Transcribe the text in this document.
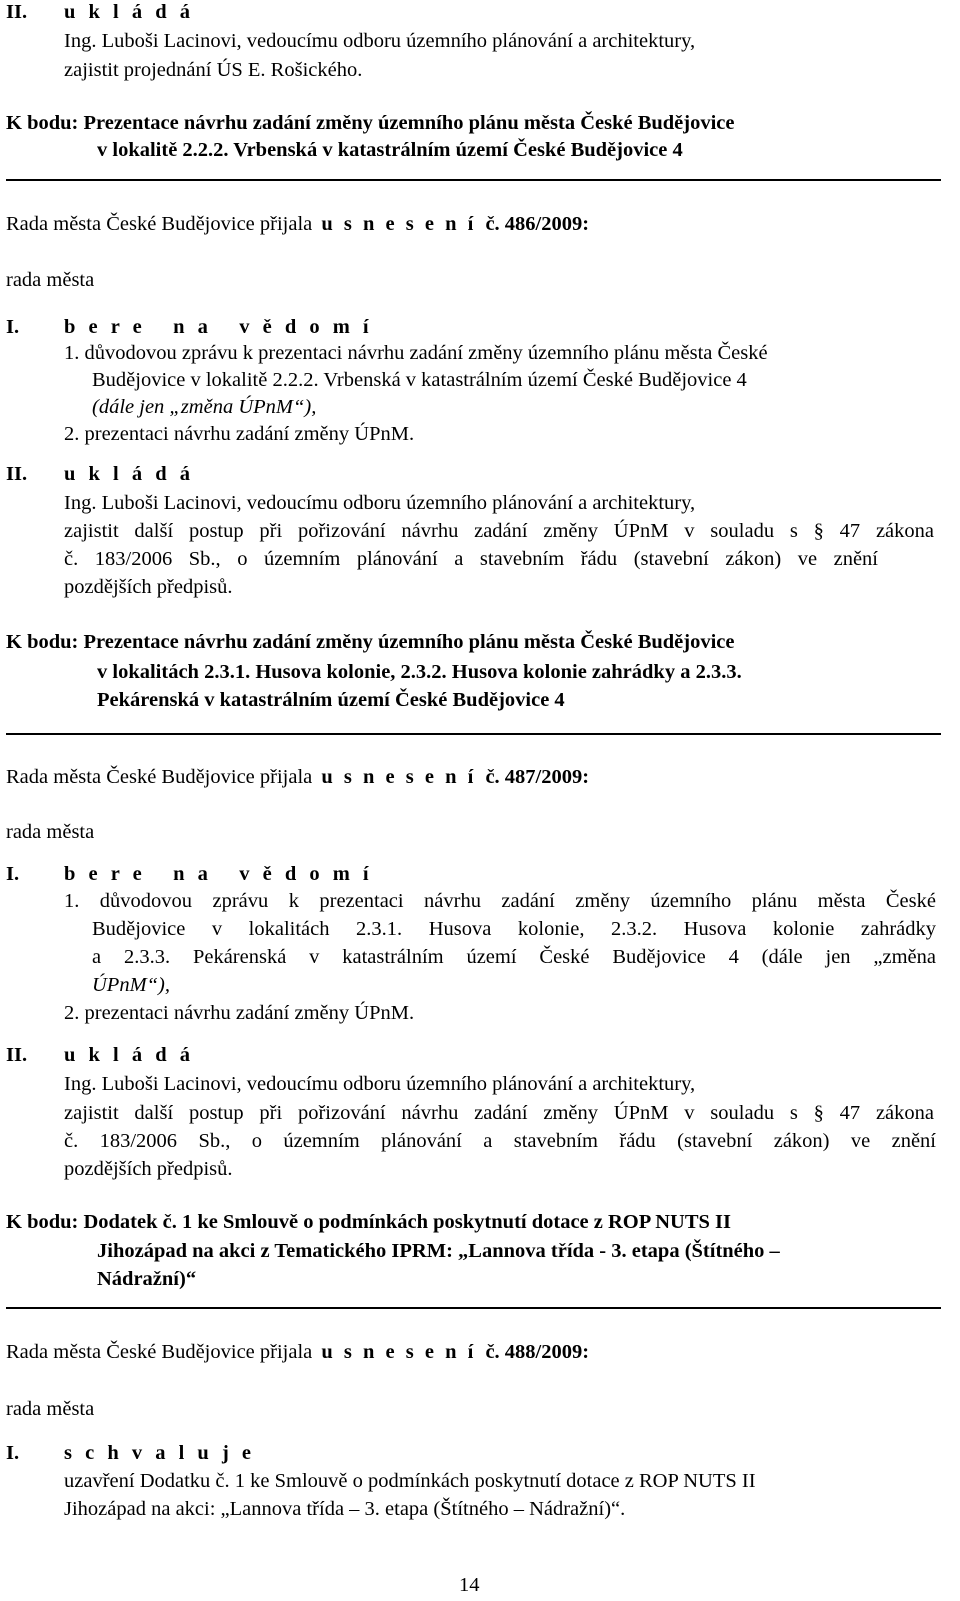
II. u k l á d á
Ing. Luboši Lacinovi, vedoucímu odboru územního plánování a architektury,
zajistit projednání ÚS E. Rošického.
K bodu: Prezentace návrhu zadání změny územního plánu města České Budějovice
v lokalitě 2.2.2. Vrbenská v katastrálním území České Budějovice 4
Rada města České Budějovice přijala u s n e s e n í č. 486/2009:
rada města
I. b e r e   n a   v ě d o m í
1. důvodovou zprávu k prezentaci návrhu zadání změny územního plánu města České
Budějovice v lokalitě 2.2.2. Vrbenská v katastrálním území České Budějovice 4
(dále jen „změna ÚPnM“),
2. prezentaci návrhu zadání změny ÚPnM.
II. u k l á d á
Ing. Luboši Lacinovi, vedoucímu odboru územního plánování a architektury,
zajistit další postup při pořizování návrhu zadání změny ÚPnM v souladu s § 47 zákona
č. 183/2006 Sb., o územním plánování a stavebním řádu (stavební zákon) ve znění
pozdějších předpisů.
K bodu: Prezentace návrhu zadání změny územního plánu města České Budějovice
v lokalitách 2.3.1. Husova kolonie, 2.3.2. Husova kolonie zahrádky a 2.3.3.
Pekárenská v katastrálním území České Budějovice 4
Rada města České Budějovice přijala u s n e s e n í č. 487/2009:
rada města
I. b e r e   n a   v ě d o m í
1. důvodovou zprávu k prezentaci návrhu zadání změny územního plánu města České
Budějovice v lokalitách 2.3.1. Husova kolonie, 2.3.2. Husova kolonie zahrádky
a 2.3.3. Pekárenská v katastrálním území České Budějovice 4 (dále jen „změna
ÚPnM“),
2. prezentaci návrhu zadání změny ÚPnM.
II. u k l á d á
Ing. Luboši Lacinovi, vedoucímu odboru územního plánování a architektury,
zajistit další postup při pořizování návrhu zadání změny ÚPnM v souladu s § 47 zákona
č. 183/2006 Sb., o územním plánování a stavebním řádu (stavební zákon) ve znění
pozdějších předpisů.
K bodu: Dodatek č. 1 ke Smlouvě o podmínkách poskytnutí dotace z ROP NUTS II
Jihozápad na akci z Tematického IPRM: „Lannova třída - 3. etapa (Štítného –
Nádražní)“
Rada města České Budějovice přijala u s n e s e n í č. 488/2009:
rada města
I. s c h v a l u j e
uzavření Dodatku č. 1 ke Smlouvě o podmínkách poskytnutí dotace z ROP NUTS II
Jihozápad na akci: „Lannova třída – 3. etapa (Štítného – Nádražní)“.
14
